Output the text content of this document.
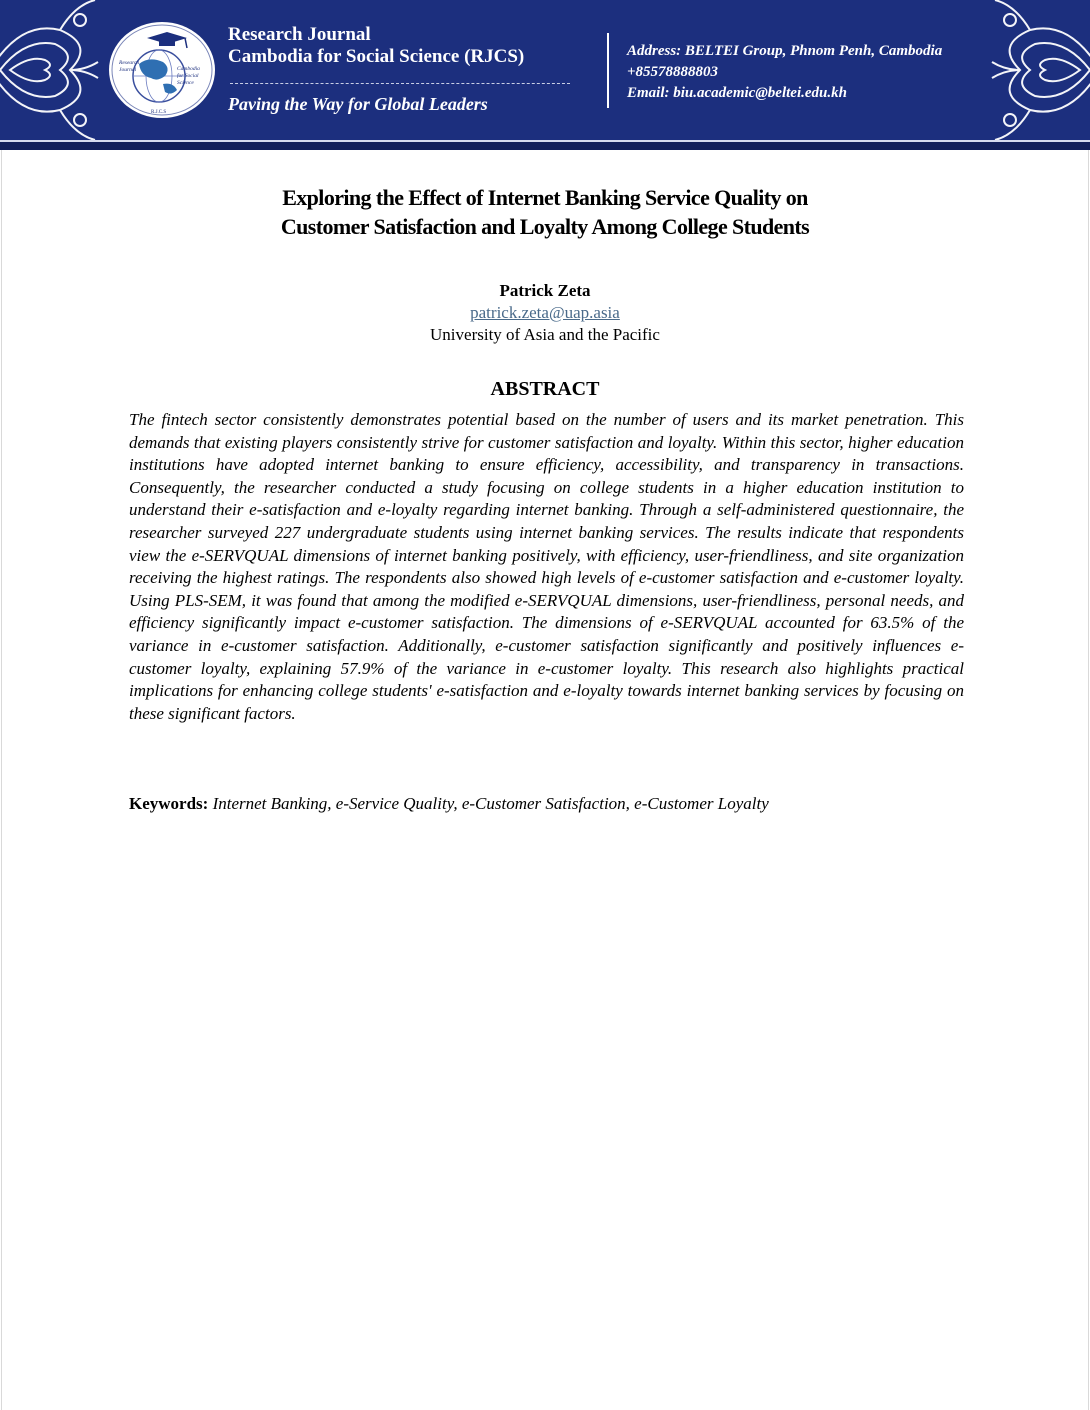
Research
Journal	Cambodia
for Social
Science
R.J.C.S
Research Journal
Cambodia for Social Science (RJCS)
Paving the Way for Global Leaders
Address: BELTEI Group, Phnom Penh, Cambodia
+85578888803
Email: biu.academic@beltei.edu.kh
Exploring the Effect of Internet Banking Service Quality on
Customer Satisfaction and Loyalty Among College Students
Patrick Zeta
patrick.zeta@uap.asia
University of Asia and the Pacific
ABSTRACT
The fintech sector consistently demonstrates potential based on the number of users and its market penetration. This demands that existing players consistently strive for customer satisfaction and loyalty. Within this sector, higher education institutions have adopted internet banking to ensure efficiency, accessibility, and transparency in transactions. Consequently, the researcher conducted a study focusing on college students in a higher education institution to understand their e-satisfaction and e-loyalty regarding internet banking. Through a self-administered questionnaire, the researcher surveyed 227 undergraduate students using internet banking services. The results indicate that respondents view the e-SERVQUAL dimensions of internet banking positively, with efficiency, user-friendliness, and site organization receiving the highest ratings. The respondents also showed high levels of e-customer satisfaction and e-customer loyalty. Using PLS-SEM, it was found that among the modified e-SERVQUAL dimensions, user-friendliness, personal needs, and efficiency significantly impact e-customer satisfaction. The dimensions of e-SERVQUAL accounted for 63.5% of the variance in e-customer satisfaction. Additionally, e-customer satisfaction significantly and positively influences e-customer loyalty, explaining 57.9% of the variance in e-customer loyalty. This research also highlights practical implications for enhancing college students' e-satisfaction and e-loyalty towards internet banking services by focusing on these significant factors.
Keywords: Internet Banking, e-Service Quality, e-Customer Satisfaction, e-Customer Loyalty
